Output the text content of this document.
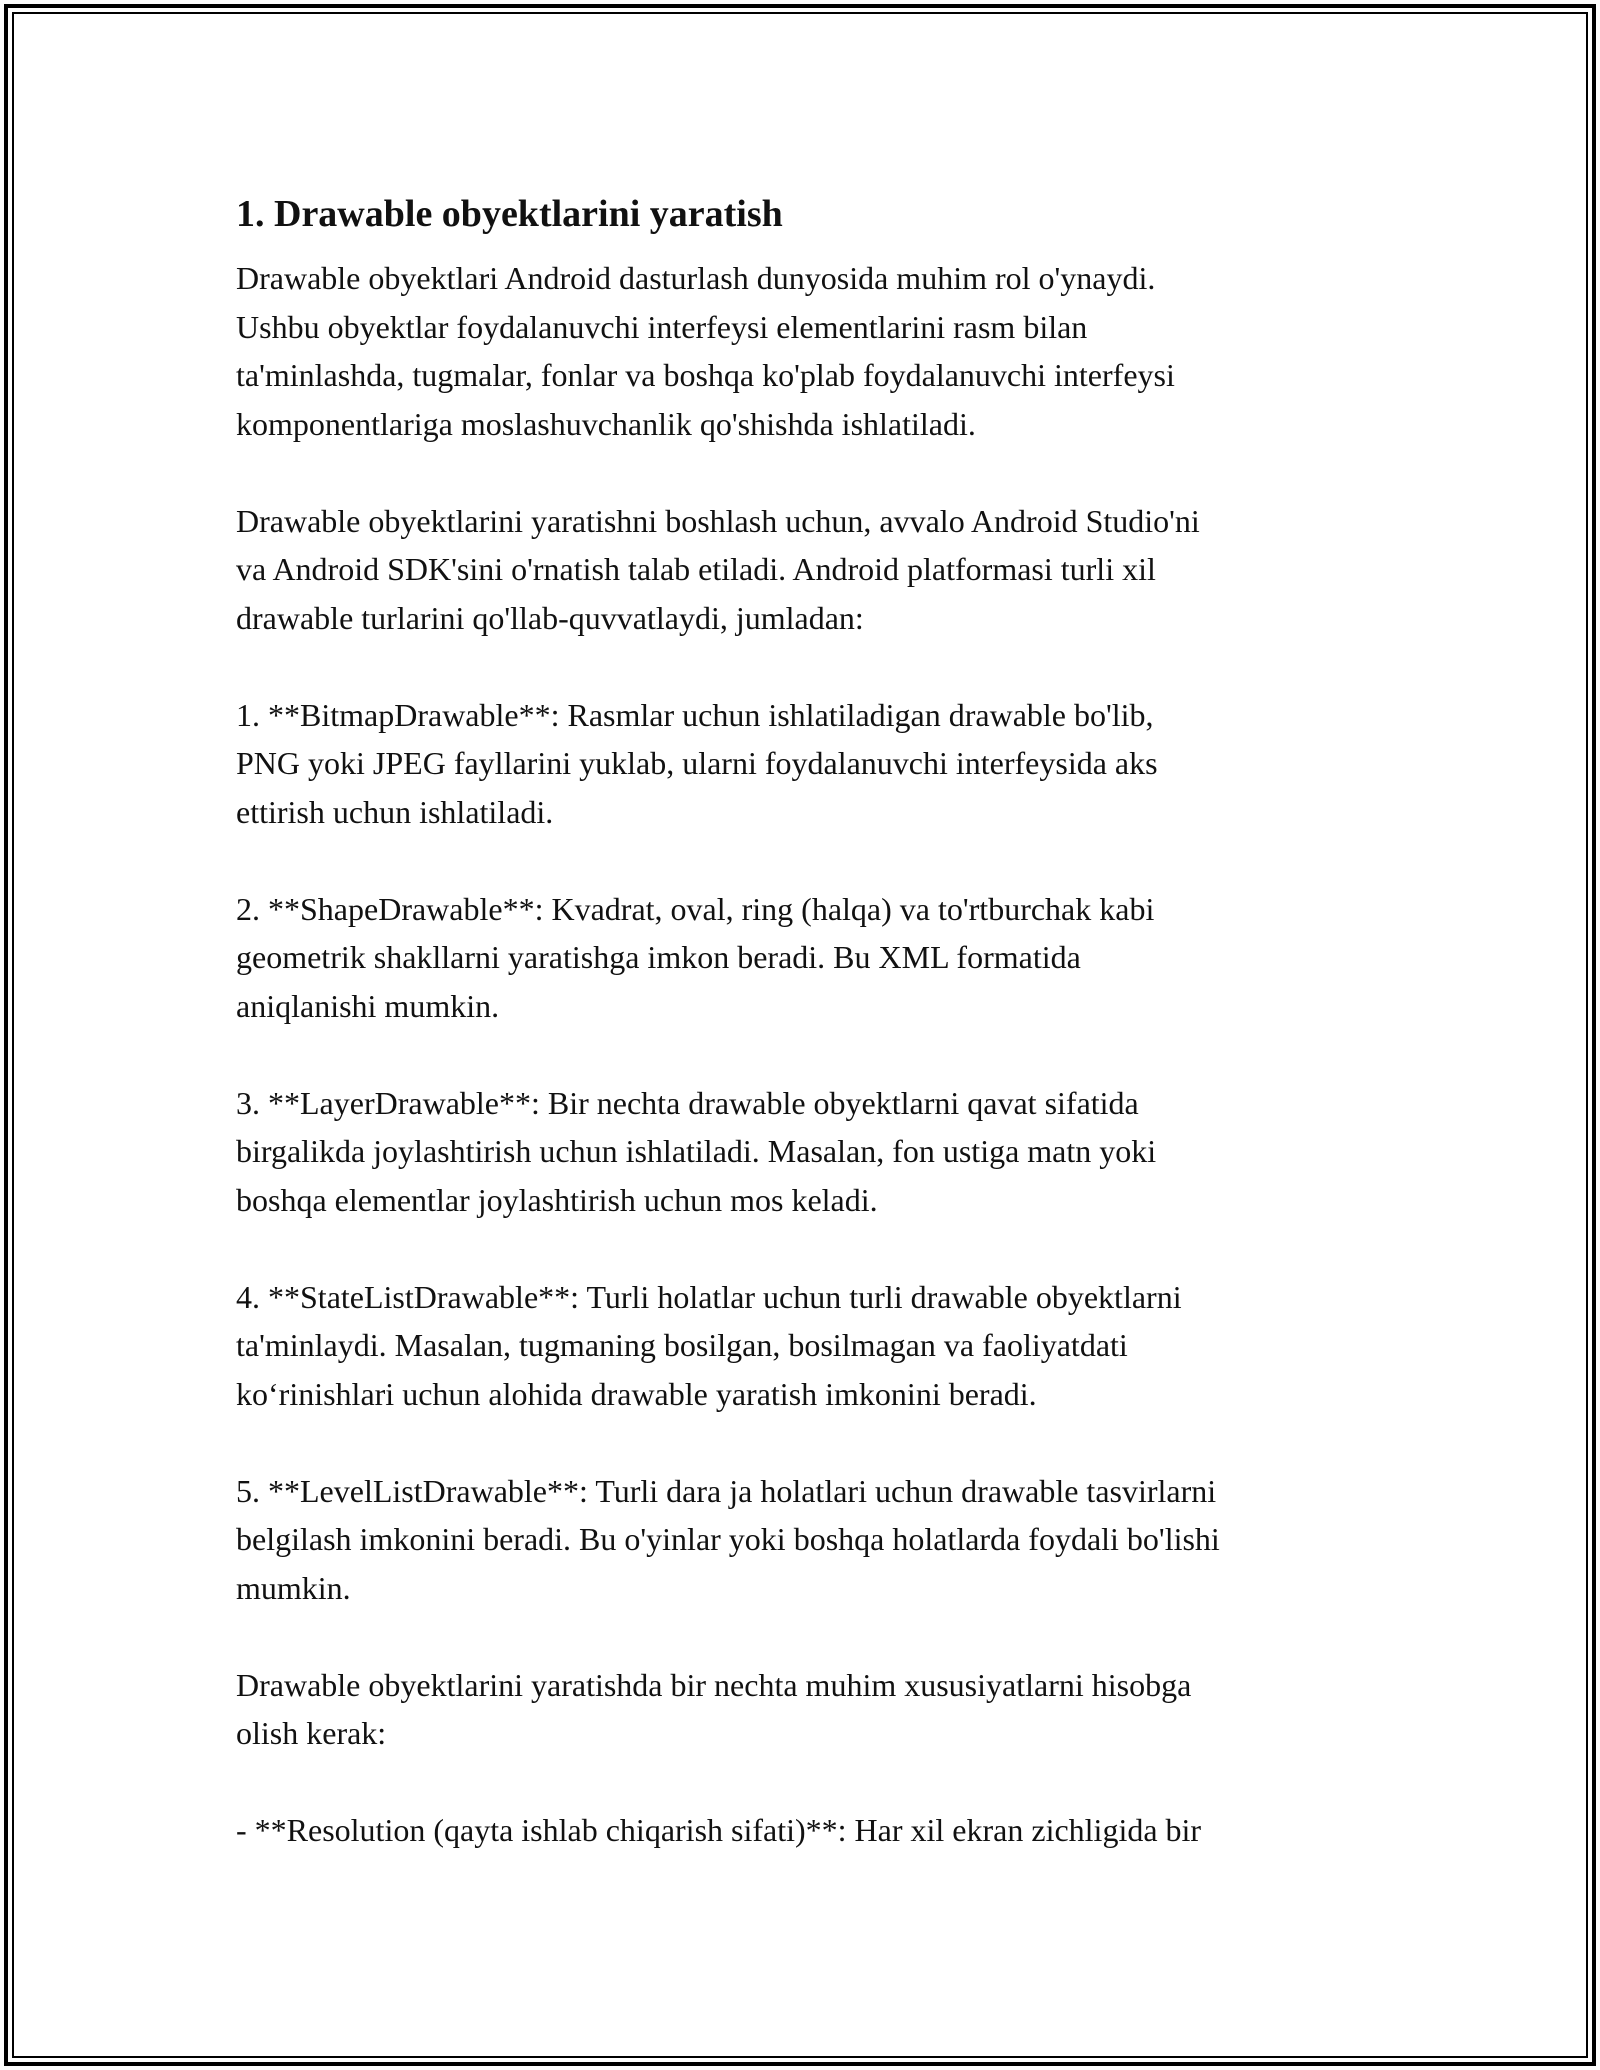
1. Drawable obyektlarini yaratish
Drawable obyektlari Android dasturlash dunyosida muhim rol o'ynaydi.
Ushbu obyektlar foydalanuvchi interfeysi elementlarini rasm bilan
ta'minlashda, tugmalar, fonlar va boshqa ko'plab foydalanuvchi interfeysi
komponentlariga moslashuvchanlik qo'shishda ishlatiladi.
Drawable obyektlarini yaratishni boshlash uchun, avvalo Android Studio'ni
va Android SDK'sini o'rnatish talab etiladi. Android platformasi turli xil
drawable turlarini qo'llab-quvvatlaydi, jumladan:
1. **BitmapDrawable**: Rasmlar uchun ishlatiladigan drawable bo'lib,
PNG yoki JPEG fayllarini yuklab, ularni foydalanuvchi interfeysida aks
ettirish uchun ishlatiladi.
2. **ShapeDrawable**: Kvadrat, oval, ring (halqa) va to'rtburchak kabi
geometrik shakllarni yaratishga imkon beradi. Bu XML formatida
aniqlanishi mumkin.
3. **LayerDrawable**: Bir nechta drawable obyektlarni qavat sifatida
birgalikda joylashtirish uchun ishlatiladi. Masalan, fon ustiga matn yoki
boshqa elementlar joylashtirish uchun mos keladi.
4. **StateListDrawable**: Turli holatlar uchun turli drawable obyektlarni
ta'minlaydi. Masalan, tugmaning bosilgan, bosilmagan va faoliyatdati
ko‘rinishlari uchun alohida drawable yaratish imkonini beradi.
5. **LevelListDrawable**: Turli dara ja holatlari uchun drawable tasvirlarni
belgilash imkonini beradi. Bu o'yinlar yoki boshqa holatlarda foydali bo'lishi
mumkin.
Drawable obyektlarini yaratishda bir nechta muhim xususiyatlarni hisobga
olish kerak:
- **Resolution (qayta ishlab chiqarish sifati)**: Har xil ekran zichligida bir
